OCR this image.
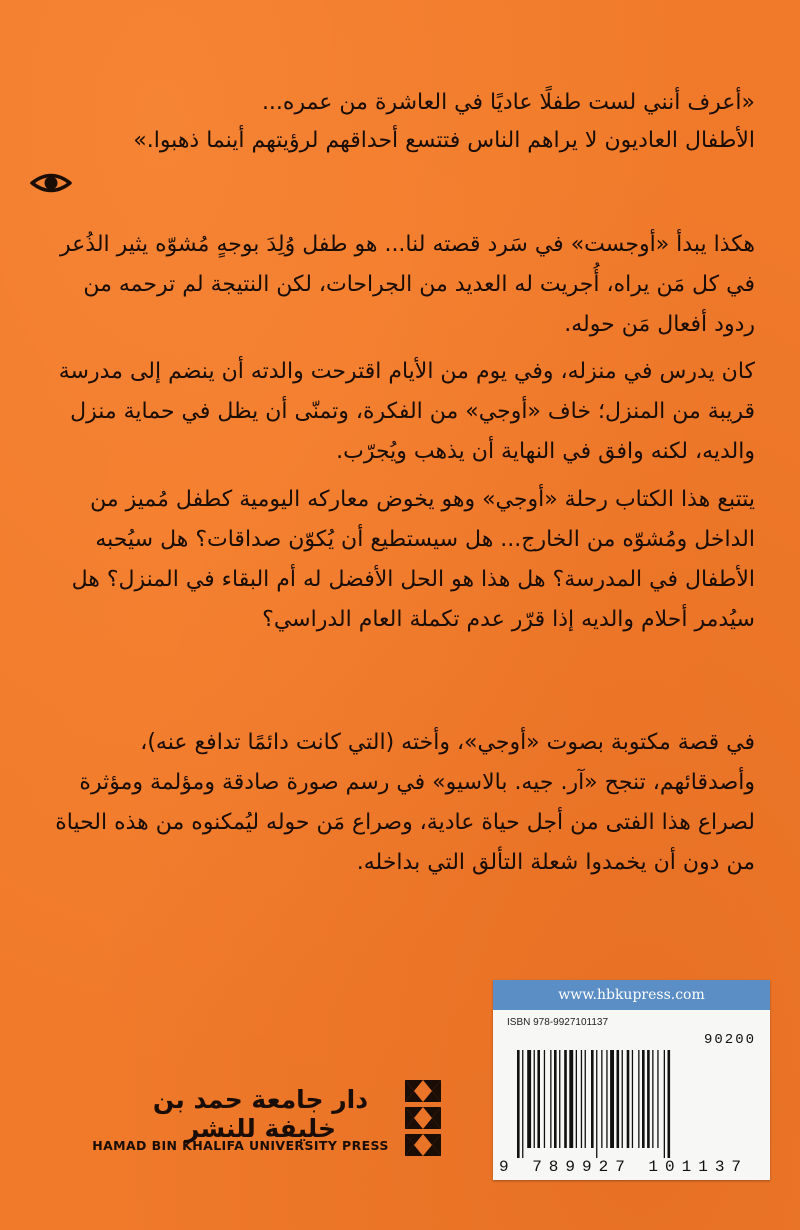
«أعرف أنني لست طفلًا عاديًا في العاشرة من عمره...
الأطفال العاديون لا يراهم الناس فتتسع أحداقهم لرؤيتهم أينما ذهبوا.»
هكذا يبدأ «أوجست» في سَرد قصته لنا... هو طفل وُلِدَ بوجهٍ مُشوّه يثير الذُعر في كل مَن يراه، أُجريت له العديد من الجراحات، لكن النتيجة لم ترحمه من ردود أفعال مَن حوله.
كان يدرس في منزله، وفي يوم من الأيام اقترحت والدته أن ينضم إلى مدرسة قريبة من المنزل؛ خاف «أوجي» من الفكرة، وتمنّى أن يظل في حماية منزل والديه، لكنه وافق في النهاية أن يذهب ويُجرّب.
يتتبع هذا الكتاب رحلة «أوجي» وهو يخوض معاركه اليومية كطفل مُميز من الداخل ومُشوّه من الخارج... هل سيستطيع أن يُكوّن صداقات؟ هل سيُحبه الأطفال في المدرسة؟ هل هذا هو الحل الأفضل له أم البقاء في المنزل؟ هل سيُدمر أحلام والديه إذا قرّر عدم تكملة العام الدراسي؟
في قصة مكتوبة بصوت «أوجي»، وأخته (التي كانت دائمًا تدافع عنه)، وأصدقائهم، تنجح «آر. جيه. بالاسيو» في رسم صورة صادقة ومؤلمة ومؤثرة لصراع هذا الفتى من أجل حياة عادية، وصراع مَن حوله ليُمكنوه من هذه الحياة من دون أن يخمدوا شعلة التألق التي بداخله.
www.hbkupress.com
ISBN 978-9927101137
90200
9 789927 101137
دار جامعة حمد بن خليفة للنشر
HAMAD BIN KHALIFA UNIVERSITY PRESS
